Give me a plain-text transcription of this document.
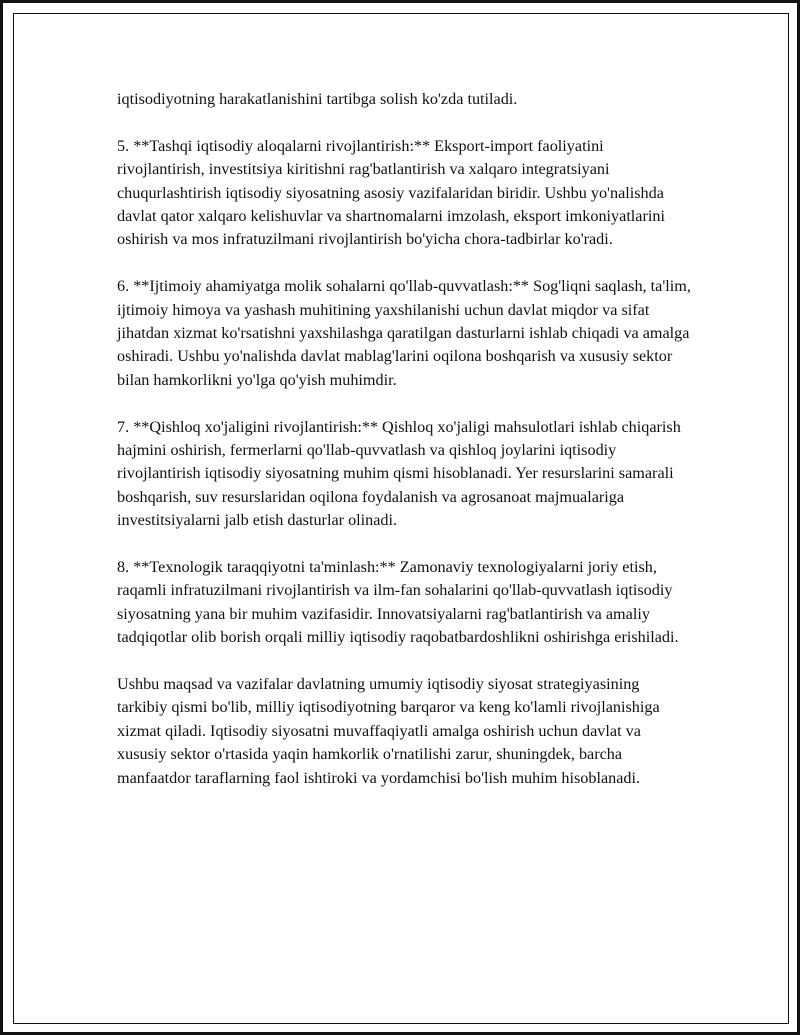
iqtisodiyotning harakatlanishini tartibga solish ko'zda tutiladi.

5. **Tashqi iqtisodiy aloqalarni rivojlantirish:** Eksport-import faoliyatini rivojlantirish, investitsiya kiritishni rag'batlantirish va xalqaro integratsiyani chuqurlashtirish iqtisodiy siyosatning asosiy vazifalaridan biridir. Ushbu yo'nalishda davlat qator xalqaro kelishuvlar va shartnomalarni imzolash, eksport imkoniyatlarini oshirish va mos infratuzilmani rivojlantirish bo'yicha chora-tadbirlar ko'radi.

6. **Ijtimoiy ahamiyatga molik sohalarni qo'llab-quvvatlash:** Sog'liqni saqlash, ta'lim, ijtimoiy himoya va yashash muhitining yaxshilanishi uchun davlat miqdor va sifat jihatdan xizmat ko'rsatishni yaxshilashga qaratilgan dasturlarni ishlab chiqadi va amalga oshiradi. Ushbu yo'nalishda davlat mablag'larini oqilona boshqarish va xususiy sektor bilan hamkorlikni yo'lga qo'yish muhimdir.

7. **Qishloq xo'jaligini rivojlantirish:** Qishloq xo'jaligi mahsulotlari ishlab chiqarish hajmini oshirish, fermerlarni qo'llab-quvvatlash va qishloq joylarini iqtisodiy rivojlantirish iqtisodiy siyosatning muhim qismi hisoblanadi. Yer resurslarini samarali boshqarish, suv resurslaridan oqilona foydalanish va agrosanoat majmualariga investitsiyalarni jalb etish dasturlar olinadi.

8. **Texnologik taraqqiyotni ta'minlash:** Zamonaviy texnologiyalarni joriy etish, raqamli infratuzilmani rivojlantirish va ilm-fan sohalarini qo'llab-quvvatlash iqtisodiy siyosatning yana bir muhim vazifasidir. Innovatsiyalarni rag'batlantirish va amaliy tadqiqotlar olib borish orqali milliy iqtisodiy raqobatbardoshlikni oshirishga erishiladi.

Ushbu maqsad va vazifalar davlatning umumiy iqtisodiy siyosat strategiyasining tarkibiy qismi bo'lib, milliy iqtisodiyotning barqaror va keng ko'lamli rivojlanishiga xizmat qiladi. Iqtisodiy siyosatni muvaffaqiyatli amalga oshirish uchun davlat va xususiy sektor o'rtasida yaqin hamkorlik o'rnatilishi zarur, shuningdek, barcha manfaatdor taraflarning faol ishtiroki va yordamchisi bo'lish muhim hisoblanadi.
